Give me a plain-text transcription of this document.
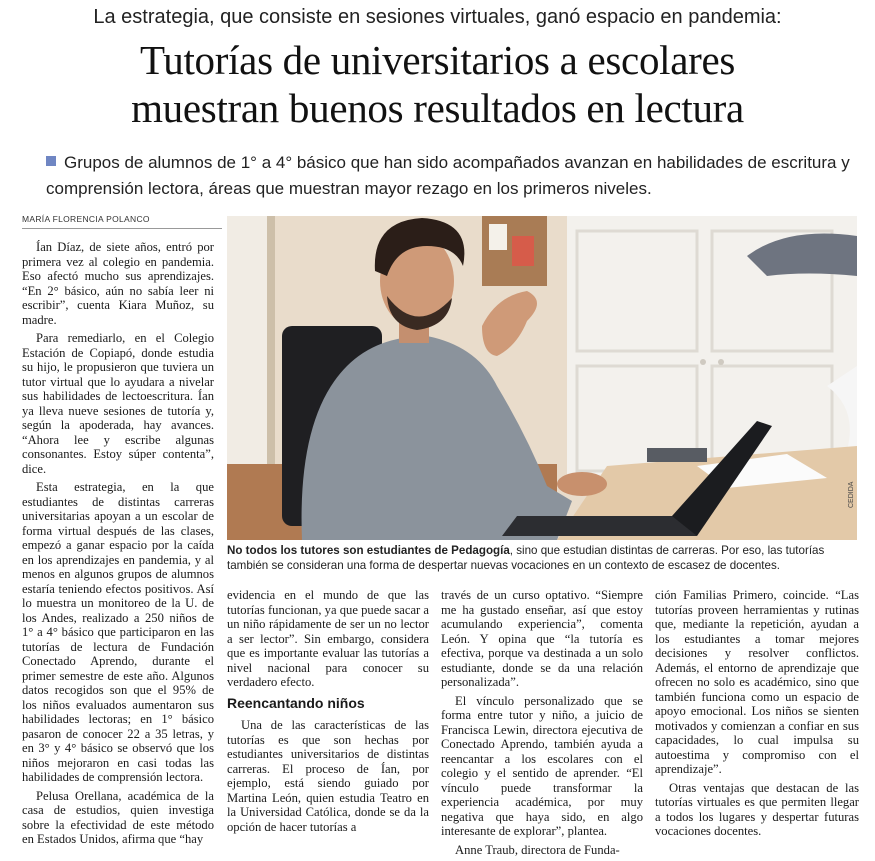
La estrategia, que consiste en sesiones virtuales, ganó espacio en pandemia:
Tutorías de universitarios a escolares
muestran buenos resultados en lectura
Grupos de alumnos de 1° a 4° básico que han sido acompañados avanzan en habilidades de escritura y comprensión lectora, áreas que muestran mayor rezago en los primeros niveles.
MARÍA FLORENCIA POLANCO

Ían Díaz, de siete años, entró por primera vez al colegio en pandemia. Eso afectó mucho sus aprendizajes. “En 2° básico, aún no sabía leer ni escribir”, cuenta Kiara Muñoz, su madre.

Para remediarlo, en el Colegio Estación de Copiapó, donde estudia su hijo, le propusieron que tuviera un tutor virtual que lo ayudara a nivelar sus habilidades de lectoescritura. Ían ya lleva nueve sesiones de tutoría y, según la apoderada, hay avances. “Ahora lee y escribe algunas consonantes. Estoy súper contenta”, dice.

Esta estrategia, en la que estudiantes de distintas carreras universitarias apoyan a un escolar de forma virtual después de las clases, empezó a ganar espacio por la caída en los aprendizajes en pandemia, y al menos en algunos grupos de alumnos estaría teniendo efectos positivos. Así lo muestra un monitoreo de la U. de los Andes, realizado a 250 niños de 1° a 4° básico que participaron en las tutorías de lectura de Fundación Conectado Aprendo, durante el primer semestre de este año. Algunos datos recogidos son que el 95% de los niños evaluados aumentaron sus habilidades lectoras; en 1° básico pasaron de conocer 22 a 35 letras, y en 3° y 4° básico se observó que los niños mejoraron en casi todas las habilidades de comprensión lectora.

Pelusa Orellana, académica de la casa de estudios, quien investiga sobre la efectividad de este método en Estados Unidos, afirma que “hay

CEDIDA
No todos los tutores son estudiantes de Pedagogía, sino que estudian distintas de carreras. Por eso, las tutorías también se consideran una forma de despertar nuevas vocaciones en un contexto de escasez de docentes.

evidencia en el mundo de que las tutorías funcionan, ya que puede sacar a un niño rápidamente de ser un no lector a ser lector”. Sin embargo, considera que es importante evaluar las tutorías a nivel nacional para conocer su verdadero efecto.

Reencantando niños

Una de las características de las tutorías es que son hechas por estudiantes universitarios de distintas carreras. El proceso de Ían, por ejemplo, está siendo guiado por Martina León, quien estudia Teatro en la Universidad Católica, donde se da la opción de hacer tutorías a

través de un curso optativo. “Siempre me ha gustado enseñar, así que estoy acumulando experiencia”, comenta León. Y opina que “la tutoría es efectiva, porque va destinada a un solo estudiante, donde se da una relación personalizada”.

El vínculo personalizado que se forma entre tutor y niño, a juicio de Francisca Lewin, directora ejecutiva de Conectado Aprendo, también ayuda a reencantar a los escolares con el colegio y el sentido de aprender. “El vínculo puede transformar la experiencia académica, por muy negativa que haya sido, en algo interesante de explorar”, plantea.

Anne Traub, directora de Funda-

ción Familias Primero, coincide. “Las tutorías proveen herramientas y rutinas que, mediante la repetición, ayudan a los estudiantes a tomar mejores decisiones y resolver conflictos. Además, el entorno de aprendizaje que ofrecen no solo es académico, sino que también funciona como un espacio de apoyo emocional. Los niños se sienten motivados y comienzan a confiar en sus capacidades, lo cual impulsa su autoestima y compromiso con el aprendizaje”.

Otras ventajas que destacan de las tutorías virtuales es que permiten llegar a todos los lugares y despertar futuras vocaciones docentes.
